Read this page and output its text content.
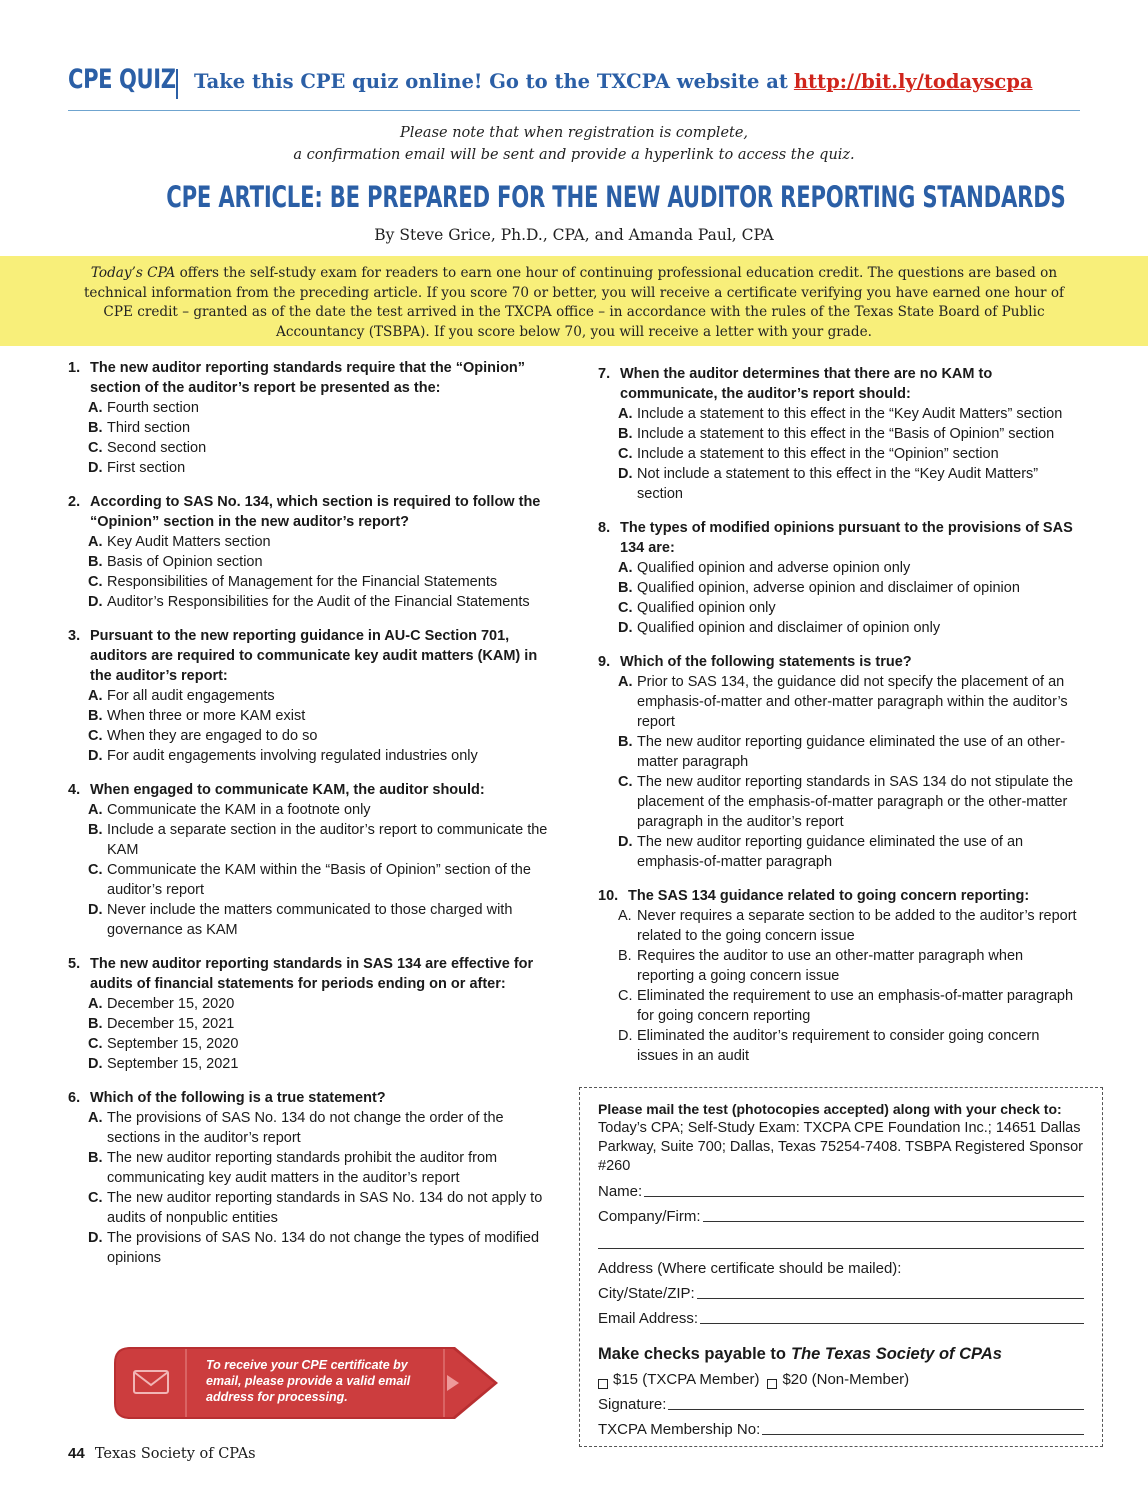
CPE QUIZ Take this CPE quiz online! Go to the TXCPA website at http://bit.ly/todayscpa
Please note that when registration is complete,
a confirmation email will be sent and provide a hyperlink to access the quiz.
CPE ARTICLE: BE PREPARED FOR THE NEW AUDITOR REPORTING STANDARDS
By Steve Grice, Ph.D., CPA, and Amanda Paul, CPA
Today’s CPA offers the self-study exam for readers to earn one hour of continuing professional education credit. The questions are based on technical information from the preceding article. If you score 70 or better, you will receive a certificate verifying you have earned one hour of CPE credit – granted as of the date the test arrived in the TXCPA office – in accordance with the rules of the Texas State Board of Public Accountancy (TSBPA). If you score below 70, you will receive a letter with your grade.
1. The new auditor reporting standards require that the “Opinion” section of the auditor’s report be presented as the:
A. Fourth section
B. Third section
C. Second section
D. First section
2. According to SAS No. 134, which section is required to follow the “Opinion” section in the new auditor’s report?
A. Key Audit Matters section
B. Basis of Opinion section
C. Responsibilities of Management for the Financial Statements
D. Auditor’s Responsibilities for the Audit of the Financial Statements
3. Pursuant to the new reporting guidance in AU-C Section 701, auditors are required to communicate key audit matters (KAM) in the auditor’s report:
A. For all audit engagements
B. When three or more KAM exist
C. When they are engaged to do so
D. For audit engagements involving regulated industries only
4. When engaged to communicate KAM, the auditor should:
A. Communicate the KAM in a footnote only
B. Include a separate section in the auditor’s report to communicate the KAM
C. Communicate the KAM within the “Basis of Opinion” section of the auditor’s report
D. Never include the matters communicated to those charged with governance as KAM
5. The new auditor reporting standards in SAS 134 are effective for audits of financial statements for periods ending on or after:
A. December 15, 2020
B. December 15, 2021
C. September 15, 2020
D. September 15, 2021
6. Which of the following is a true statement?
A. The provisions of SAS No. 134 do not change the order of the sections in the auditor’s report
B. The new auditor reporting standards prohibit the auditor from communicating key audit matters in the auditor’s report
C. The new auditor reporting standards in SAS No. 134 do not apply to audits of nonpublic entities
D. The provisions of SAS No. 134 do not change the types of modified opinions
7. When the auditor determines that there are no KAM to communicate, the auditor’s report should:
A. Include a statement to this effect in the “Key Audit Matters” section
B. Include a statement to this effect in the “Basis of Opinion” section
C. Include a statement to this effect in the “Opinion” section
D. Not include a statement to this effect in the “Key Audit Matters” section
8. The types of modified opinions pursuant to the provisions of SAS 134 are:
A. Qualified opinion and adverse opinion only
B. Qualified opinion, adverse opinion and disclaimer of opinion
C. Qualified opinion only
D. Qualified opinion and disclaimer of opinion only
9. Which of the following statements is true?
A. Prior to SAS 134, the guidance did not specify the placement of an emphasis-of-matter and other-matter paragraph within the auditor’s report
B. The new auditor reporting guidance eliminated the use of an other-matter paragraph
C. The new auditor reporting standards in SAS 134 do not stipulate the placement of the emphasis-of-matter paragraph or the other-matter paragraph in the auditor’s report
D. The new auditor reporting guidance eliminated the use of an emphasis-of-matter paragraph
10. The SAS 134 guidance related to going concern reporting:
A. Never requires a separate section to be added to the auditor’s report related to the going concern issue
B. Requires the auditor to use an other-matter paragraph when reporting a going concern issue
C. Eliminated the requirement to use an emphasis-of-matter paragraph for going concern reporting
D. Eliminated the auditor’s requirement to consider going concern issues in an audit
Please mail the test (photocopies accepted) along with your check to:
Today’s CPA; Self-Study Exam: TXCPA CPE Foundation Inc.; 14651 Dallas Parkway, Suite 700; Dallas, Texas 75254-7408. TSBPA Registered Sponsor #260
Name:
Company/Firm:
Address (Where certificate should be mailed):
City/State/ZIP:
Email Address:
Make checks payable to The Texas Society of CPAs
$15 (TXCPA Member) $20 (Non-Member)
Signature:
TXCPA Membership No:
To receive your CPE certificate by email, please provide a valid email address for processing.
44 Texas Society of CPAs
